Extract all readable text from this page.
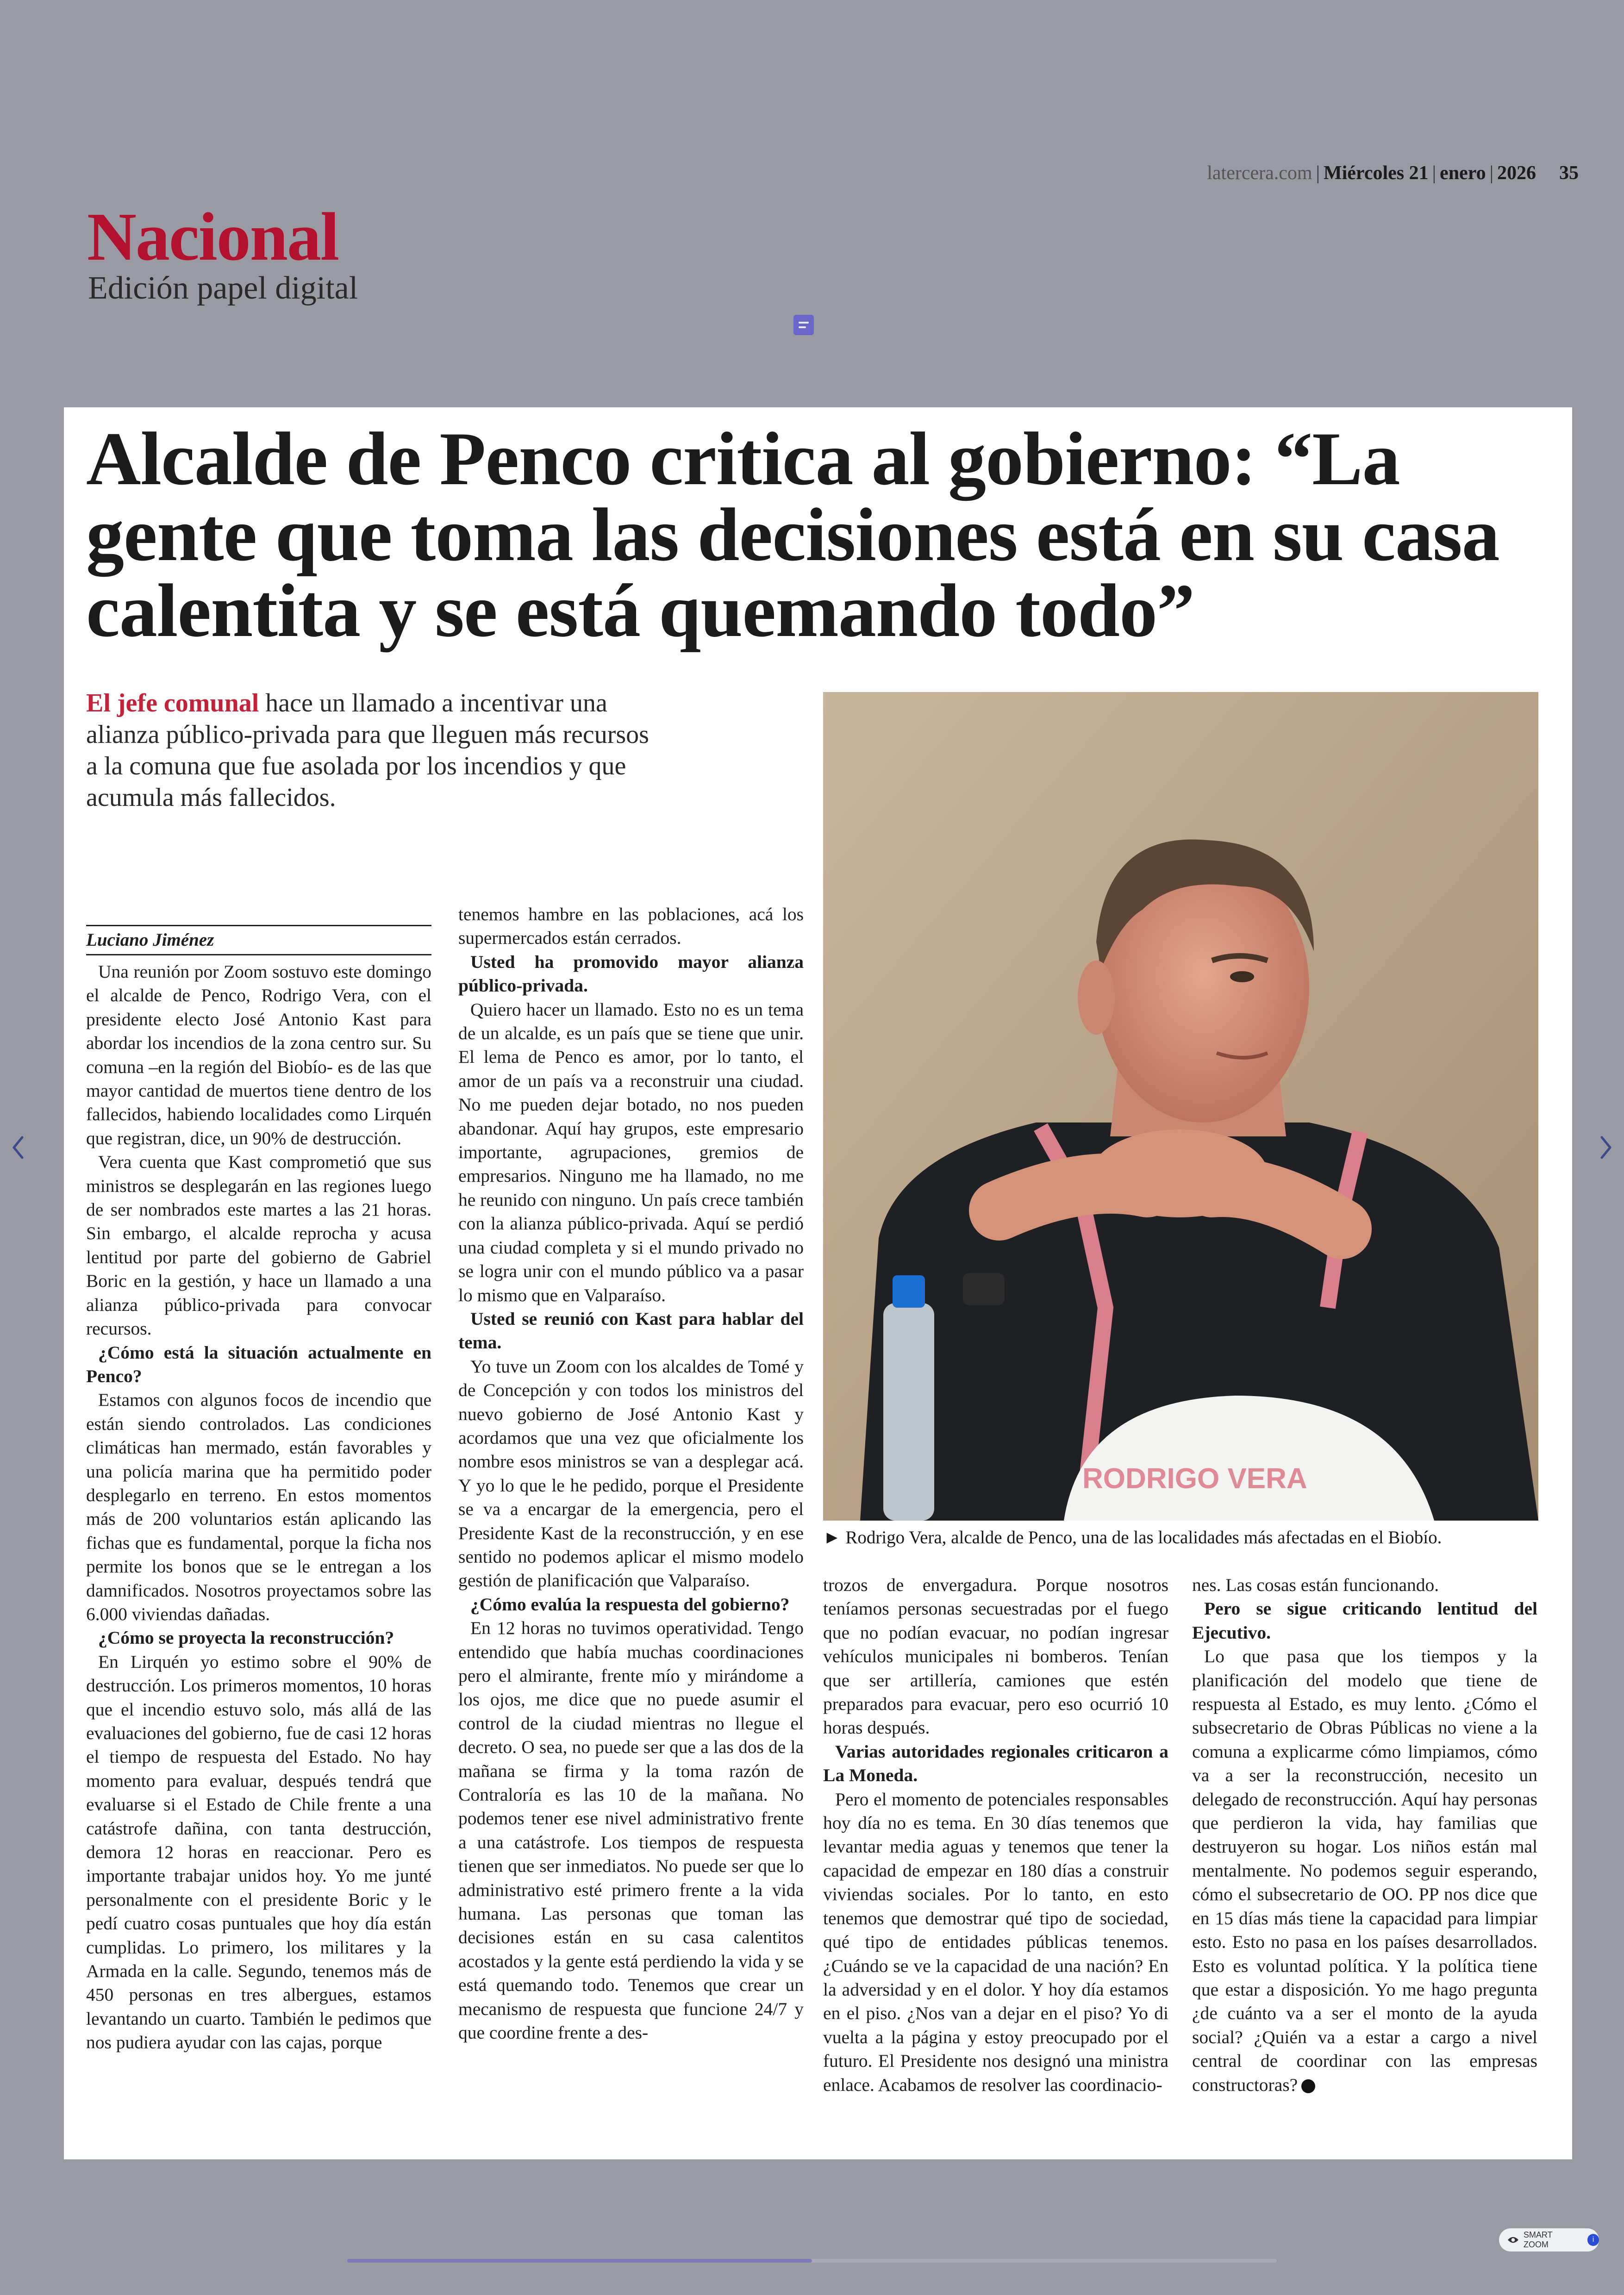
latercera.com | Miércoles 21 | enero | 2026 35
Nacional
Edición papel digital
Alcalde de Penco critica al gobierno: “La gente que toma las decisiones está en su casa calentita y se está quemando todo”
El jefe comunal hace un llamado a incentivar una alianza público-privada para que lleguen más recursos a la comuna que fue asolada por los incendios y que acumula más fallecidos.
RODRIGO VERA
► Rodrigo Vera, alcalde de Penco, una de las localidades más afectadas en el Biobío.
Luciano Jiménez

Una reunión por Zoom sostuvo este domingo el alcalde de Penco, Rodrigo Vera, con el presidente electo José Antonio Kast para abordar los incendios de la zona centro sur. Su comuna –en la región del Biobío- es de las que mayor cantidad de muertos tiene dentro de los fallecidos, habiendo localidades como Lirquén que registran, dice, un 90% de destrucción.

Vera cuenta que Kast comprometió que sus ministros se desplegarán en las regiones luego de ser nombrados este martes a las 21 horas. Sin embargo, el alcalde reprocha y acusa lentitud por parte del gobierno de Gabriel Boric en la gestión, y hace un llamado a una alianza público-privada para convocar recursos.

¿Cómo está la situación actualmente en Penco?

Estamos con algunos focos de incendio que están siendo controlados. Las condiciones climáticas han mermado, están favorables y una policía marina que ha permitido poder desplegarlo en terreno. En estos momentos más de 200 voluntarios están aplicando las fichas que es fundamental, porque la ficha nos permite los bonos que se le entregan a los damnificados. Nosotros proyectamos sobre las 6.000 viviendas dañadas.

¿Cómo se proyecta la reconstrucción?

En Lirquén yo estimo sobre el 90% de destrucción. Los primeros momentos, 10 horas que el incendio estuvo solo, más allá de las evaluaciones del gobierno, fue de casi 12 horas el tiempo de respuesta del Estado. No hay momento para evaluar, después tendrá que evaluarse si el Estado de Chile frente a una catástrofe dañina, con tanta destrucción, demora 12 horas en reaccionar. Pero es importante trabajar unidos hoy. Yo me junté personalmente con el presidente Boric y le pedí cuatro cosas puntuales que hoy día están cumplidas. Lo primero, los militares y la Armada en la calle. Segundo, tenemos más de 450 personas en tres albergues, estamos levantando un cuarto. También le pedimos que nos pudiera ayudar con las cajas, porque

tenemos hambre en las poblaciones, acá los supermercados están cerrados.

Usted ha promovido mayor alianza público-privada.

Quiero hacer un llamado. Esto no es un tema de un alcalde, es un país que se tiene que unir. El lema de Penco es amor, por lo tanto, el amor de un país va a reconstruir una ciudad. No me pueden dejar botado, no nos pueden abandonar. Aquí hay grupos, este empresario importante, agrupaciones, gremios de empresarios. Ninguno me ha llamado, no me he reunido con ninguno. Un país crece también con la alianza público-privada. Aquí se perdió una ciudad completa y si el mundo privado no se logra unir con el mundo público va a pasar lo mismo que en Valparaíso.

Usted se reunió con Kast para hablar del tema.

Yo tuve un Zoom con los alcaldes de Tomé y de Concepción y con todos los ministros del nuevo gobierno de José Antonio Kast y acordamos que una vez que oficialmente los nombre esos ministros se van a desplegar acá. Y yo lo que le he pedido, porque el Presidente se va a encargar de la emergencia, pero el Presidente Kast de la reconstrucción, y en ese sentido no podemos aplicar el mismo modelo gestión de planificación que Valparaíso.

¿Cómo evalúa la respuesta del gobierno?

En 12 horas no tuvimos operatividad. Tengo entendido que había muchas coordinaciones pero el almirante, frente mío y mirándome a los ojos, me dice que no puede asumir el control de la ciudad mientras no llegue el decreto. O sea, no puede ser que a las dos de la mañana se firma y la toma razón de Contraloría es las 10 de la mañana. No podemos tener ese nivel administrativo frente a una catástrofe. Los tiempos de respuesta tienen que ser inmediatos. No puede ser que lo administrativo esté primero frente a la vida humana. Las personas que toman las decisiones están en su casa calentitos acostados y la gente está perdiendo la vida y se está quemando todo. Tenemos que crear un mecanismo de respuesta que funcione 24/7 y que coordine frente a des-

trozos de envergadura. Porque nosotros teníamos personas secuestradas por el fuego que no podían evacuar, no podían ingresar vehículos municipales ni bomberos. Tenían que ser artillería, camiones que estén preparados para evacuar, pero eso ocurrió 10 horas después.

Varias autoridades regionales criticaron a La Moneda.

Pero el momento de potenciales responsables hoy día no es tema. En 30 días tenemos que levantar media aguas y tenemos que tener la capacidad de empezar en 180 días a construir viviendas sociales. Por lo tanto, en esto tenemos que demostrar qué tipo de sociedad, qué tipo de entidades públicas tenemos. ¿Cuándo se ve la capacidad de una nación? En la adversidad y en el dolor. Y hoy día estamos en el piso. ¿Nos van a dejar en el piso? Yo di vuelta a la página y estoy preocupado por el futuro. El Presidente nos designó una ministra enlace. Acabamos de resolver las coordinacio-

nes. Las cosas están funcionando.

Pero se sigue criticando lentitud del Ejecutivo.

Lo que pasa que los tiempos y la planificación del modelo que tiene de respuesta al Estado, es muy lento. ¿Cómo el subsecretario de Obras Públicas no viene a la comuna a explicarme cómo limpiamos, cómo va a ser la reconstrucción, necesito un delegado de reconstrucción. Aquí hay personas que perdieron la vida, hay familias que destruyeron su hogar. Los niños están mal mentalmente. No podemos seguir esperando, cómo el subsecretario de OO. PP nos dice que en 15 días más tiene la capacidad para limpiar esto. Esto no pasa en los países desarrollados. Esto es voluntad política. Y la política tiene que estar a disposición. Yo me hago pregunta ¿de cuánto va a ser el monto de la ayuda social? ¿Quién va a estar a cargo a nivel central de coordinar con las empresas constructoras?

SMART ZOOM
i
